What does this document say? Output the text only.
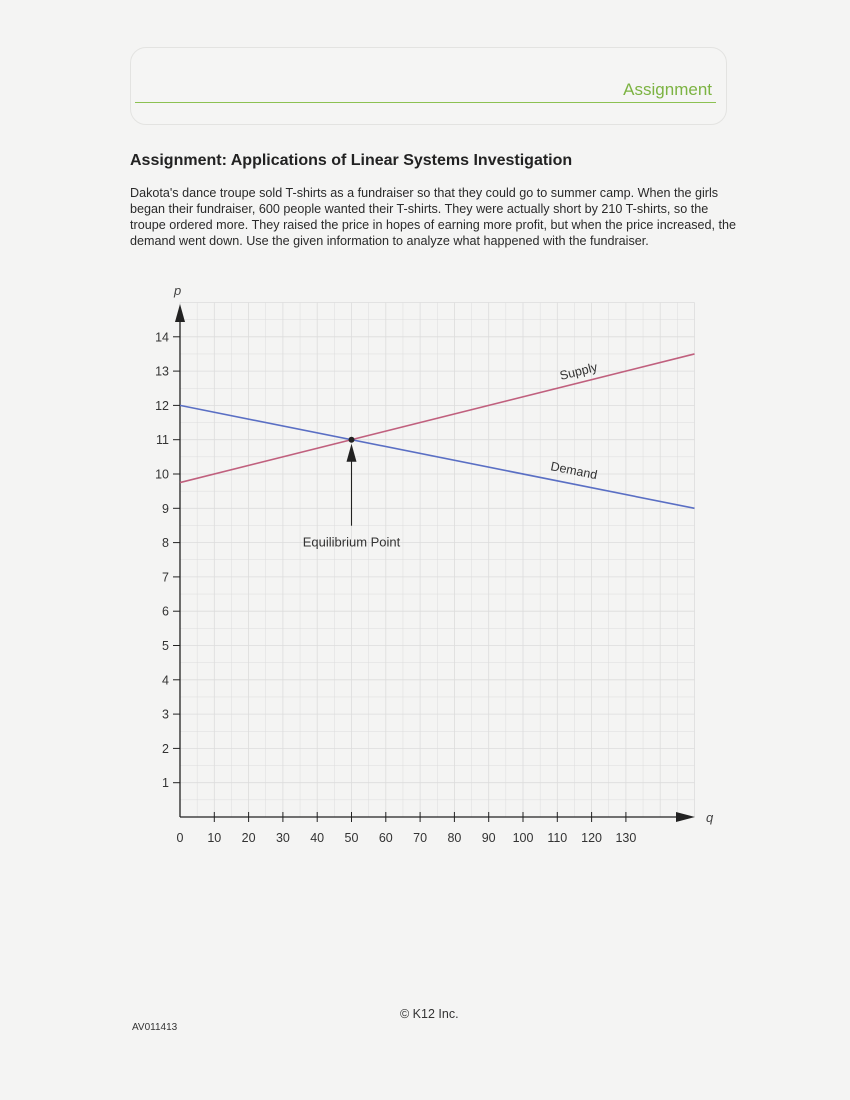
Assignment
Assignment: Applications of Linear Systems Investigation
Dakota's dance troupe sold T-shirts as a fundraiser so that they could go to summer camp. When the girls began their fundraiser, 600 people wanted their T-shirts. They were actually short by 210 T-shirts, so the troupe ordered more. They raised the price in hopes of earning more profit, but when the price increased, the demand went down. Use the given information to analyze what happened with the fundraiser.
q
p
0 10 20 30 40 50 60 70 80 90 100 110 120 130
1
2
3
4
5
6
7
8
9
10
11
12
13
14
Supply
Demand
Equilibrium Point
© K12 Inc.
AV011413
